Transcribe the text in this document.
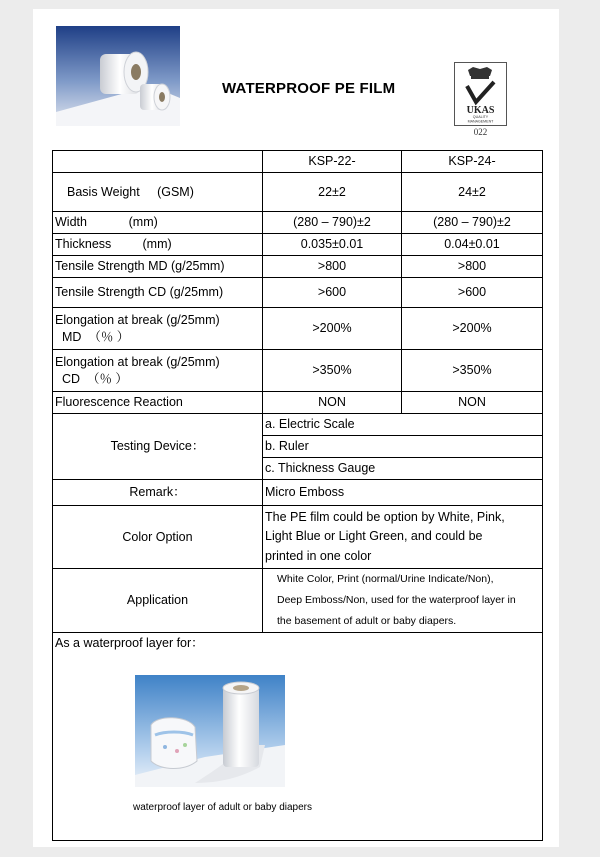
WATERPROOF PE FILM
UKAS
QUALITY
MANAGEMENT
022
	KSP-22-	KSP-24-
Basis Weight     (GSM)	22±2	24±2
Width            (mm)	(280 – 790)±2	(280 – 790)±2
Thickness         (mm)	0.035±0.01	0.04±0.01
Tensile Strength MD (g/25mm)	>800	>800
Tensile Strength CD (g/25mm)	>600	>600

Elongation at break (g/25mm)
MD  （％ ）	>200%	>200%

Elongation at break (g/25mm)
CD  （％ ）	>350%	>350%
Fluorescence Reaction	NON	NON
Testing Device：	a. Electric Scale	
	b. Ruler	
	c. Thickness Gauge	
Remark：	Micro Emboss	
Color Option	The PE film could be option by White, Pink,
Light Blue or Light Green, and could be
printed in one color	

Application	White Color, Print (normal/Urine Indicate/Non),
Deep Emboss/Non, used for the waterproof layer in
the basement of adult or baby diapers.	

As a waterproof layer for：
waterproof layer of adult or baby diapers		
